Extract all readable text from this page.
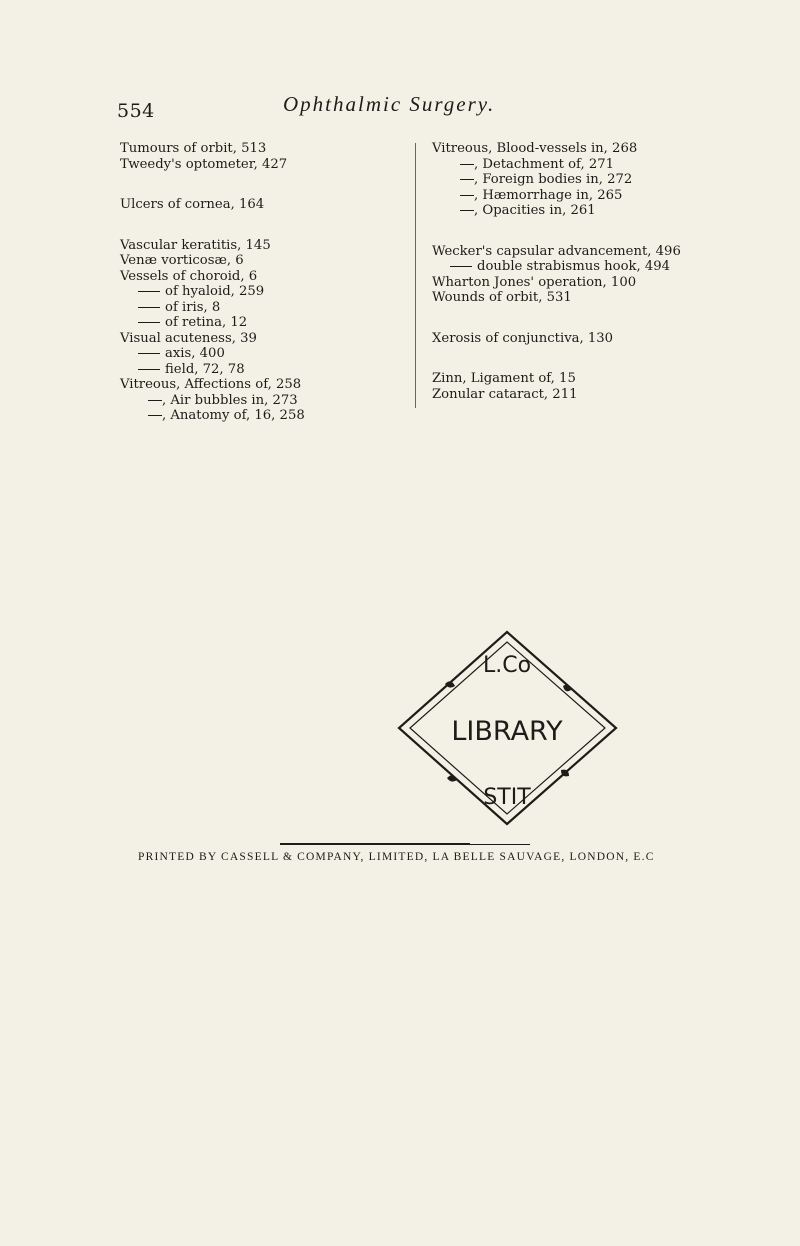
554	Ophthalmic Surgery.
Tumours of orbit, 513
Tweedy's optometer, 427
Ulcers of cornea, 164
Vascular keratitis, 145
Venæ vorticosæ, 6
Vessels of choroid, 6
of hyaloid, 259
of iris, 8
of retina, 12
Visual acuteness, 39
axis, 400
field, 72, 78
Vitreous, Affections of, 258
, Air bubbles in, 273
, Anatomy of, 16, 258
Vitreous, Blood-vessels in, 268
, Detachment of, 271
, Foreign bodies in, 272
, Hæmorrhage in, 265
, Opacities in, 261
Wecker's capsular advancement, 496
double strabismus hook, 494
Wharton Jones' operation, 100
Wounds of orbit, 531
Xerosis of conjunctiva, 130
Zinn, Ligament of, 15
Zonular cataract, 211
L.Co
LIBRARY
STIT
PRINTED BY CASSELL & COMPANY, LIMITED, LA BELLE SAUVAGE, LONDON, E.C
